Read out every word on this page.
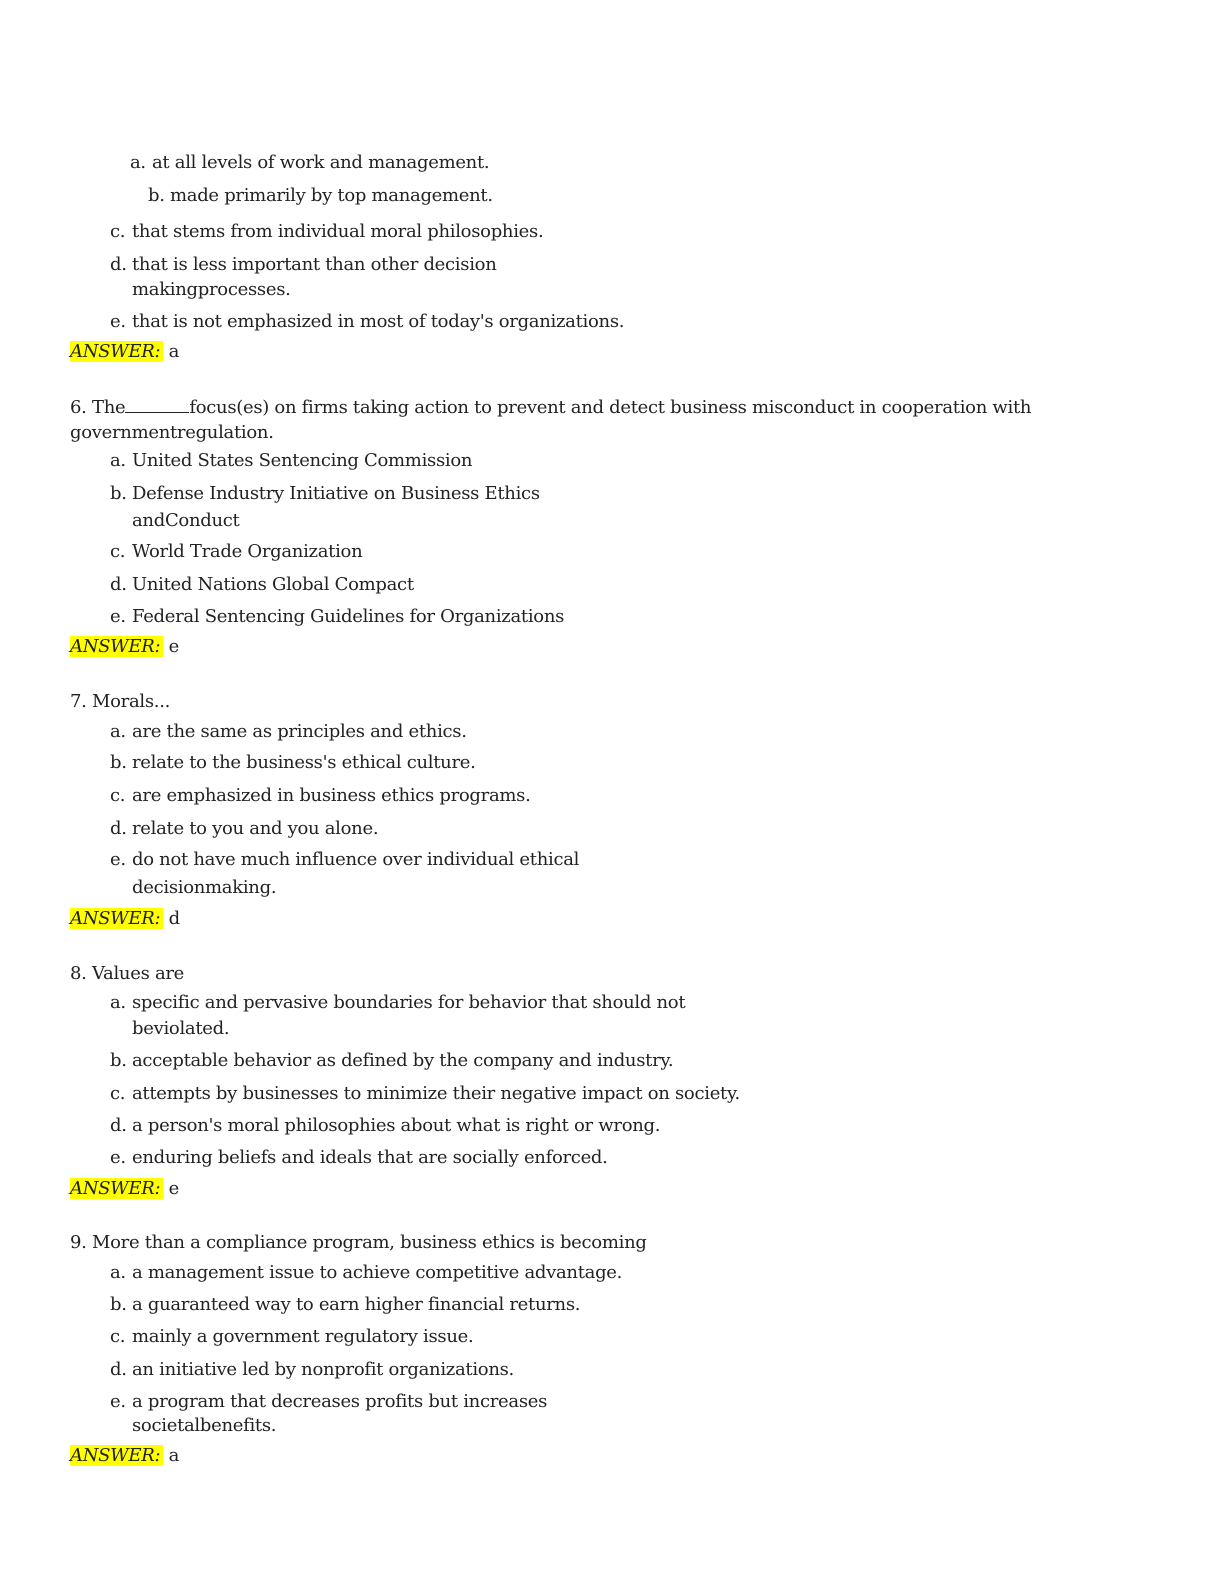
a. at all levels of work and management.
b. made primarily by top management.
c. that stems from individual moral philosophies.
d. that is less important than other decision
makingprocesses.
e. that is not emphasized in most of today's organizations.
ANSWER: a
6. The	focus(es) on firms taking action to prevent and detect business misconduct in cooperation with
governmentregulation.
a. United States Sentencing Commission
b. Defense Industry Initiative on Business Ethics
andConduct
c. World Trade Organization
d. United Nations Global Compact
e. Federal Sentencing Guidelines for Organizations
ANSWER: e
7. Morals...
a. are the same as principles and ethics.
b. relate to the business's ethical culture.
c. are emphasized in business ethics programs.
d. relate to you and you alone.
e. do not have much influence over individual ethical
decisionmaking.
ANSWER: d
8. Values are
a. specific and pervasive boundaries for behavior that should not
beviolated.
b. acceptable behavior as defined by the company and industry.
c. attempts by businesses to minimize their negative impact on society.
d. a person's moral philosophies about what is right or wrong.
e. enduring beliefs and ideals that are socially enforced.
ANSWER: e
9. More than a compliance program, business ethics is becoming
a. a management issue to achieve competitive advantage.
b. a guaranteed way to earn higher financial returns.
c. mainly a government regulatory issue.
d. an initiative led by nonprofit organizations.
e. a program that decreases profits but increases
societalbenefits.
ANSWER: a
